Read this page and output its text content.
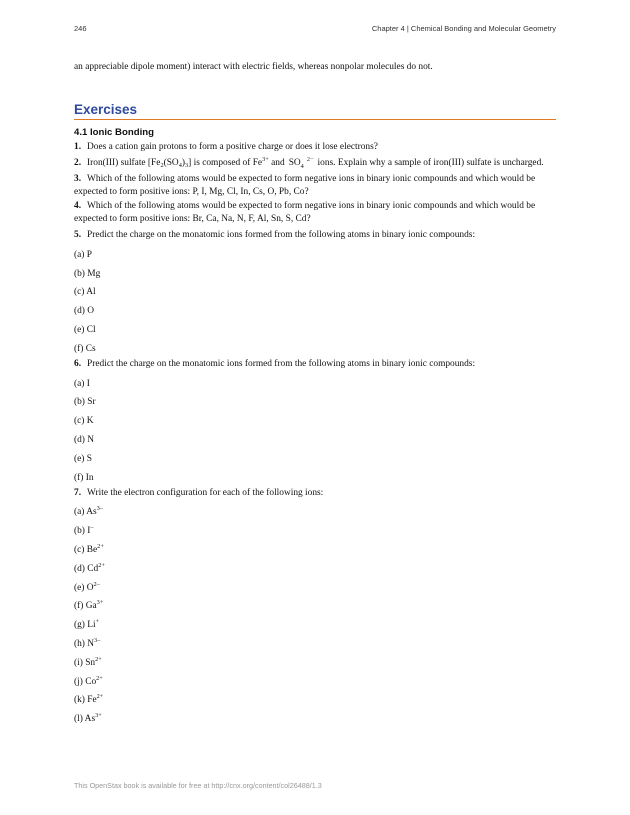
246	Chapter 4 | Chemical Bonding and Molecular Geometry

an appreciable dipole moment) interact with electric fields, whereas nonpolar molecules do not.

Exercises
4.1 Ionic Bonding
1. Does a cation gain protons to form a positive charge or does it lose electrons?
2. Iron(III) sulfate $[Fe_2(SO_4)_3]$ is composed of $Fe^{3+}$ and $SO_4^{2-}$ ions. Explain why a sample of iron(III) sulfate is uncharged.
3. Which of the following atoms would be expected to form negative ions in binary ionic compounds and which would be expected to form positive ions: P, I, Mg, Cl, In, Cs, O, Pb, Co?
4. Which of the following atoms would be expected to form negative ions in binary ionic compounds and which would be expected to form positive ions: Br, Ca, Na, N, F, Al, Sn, S, Cd?
5. Predict the charge on the monatomic ions formed from the following atoms in binary ionic compounds:
(a) P
(b) Mg
(c) Al
(d) O
(e) Cl
(f) Cs
6. Predict the charge on the monatomic ions formed from the following atoms in binary ionic compounds:
(a) I
(b) Sr
(c) K
(d) N
(e) S
(f) In
7. Write the electron configuration for each of the following ions:
(a) $As^{3-}$
(b) I–
(c) $Be^{2+}$
(d) $Cd^{2+}$
(e) $O^{2-}$
(f) $Ga^{3+}$
(g) Li+
(h) $N^{3-}$
(i) $Sn^{2+}$
(j) $Co^{2+}$
(k) $Fe^{2+}$
(l) $As^{3+}$
This OpenStax book is available for free at http://cnx.org/content/col26488/1.3
